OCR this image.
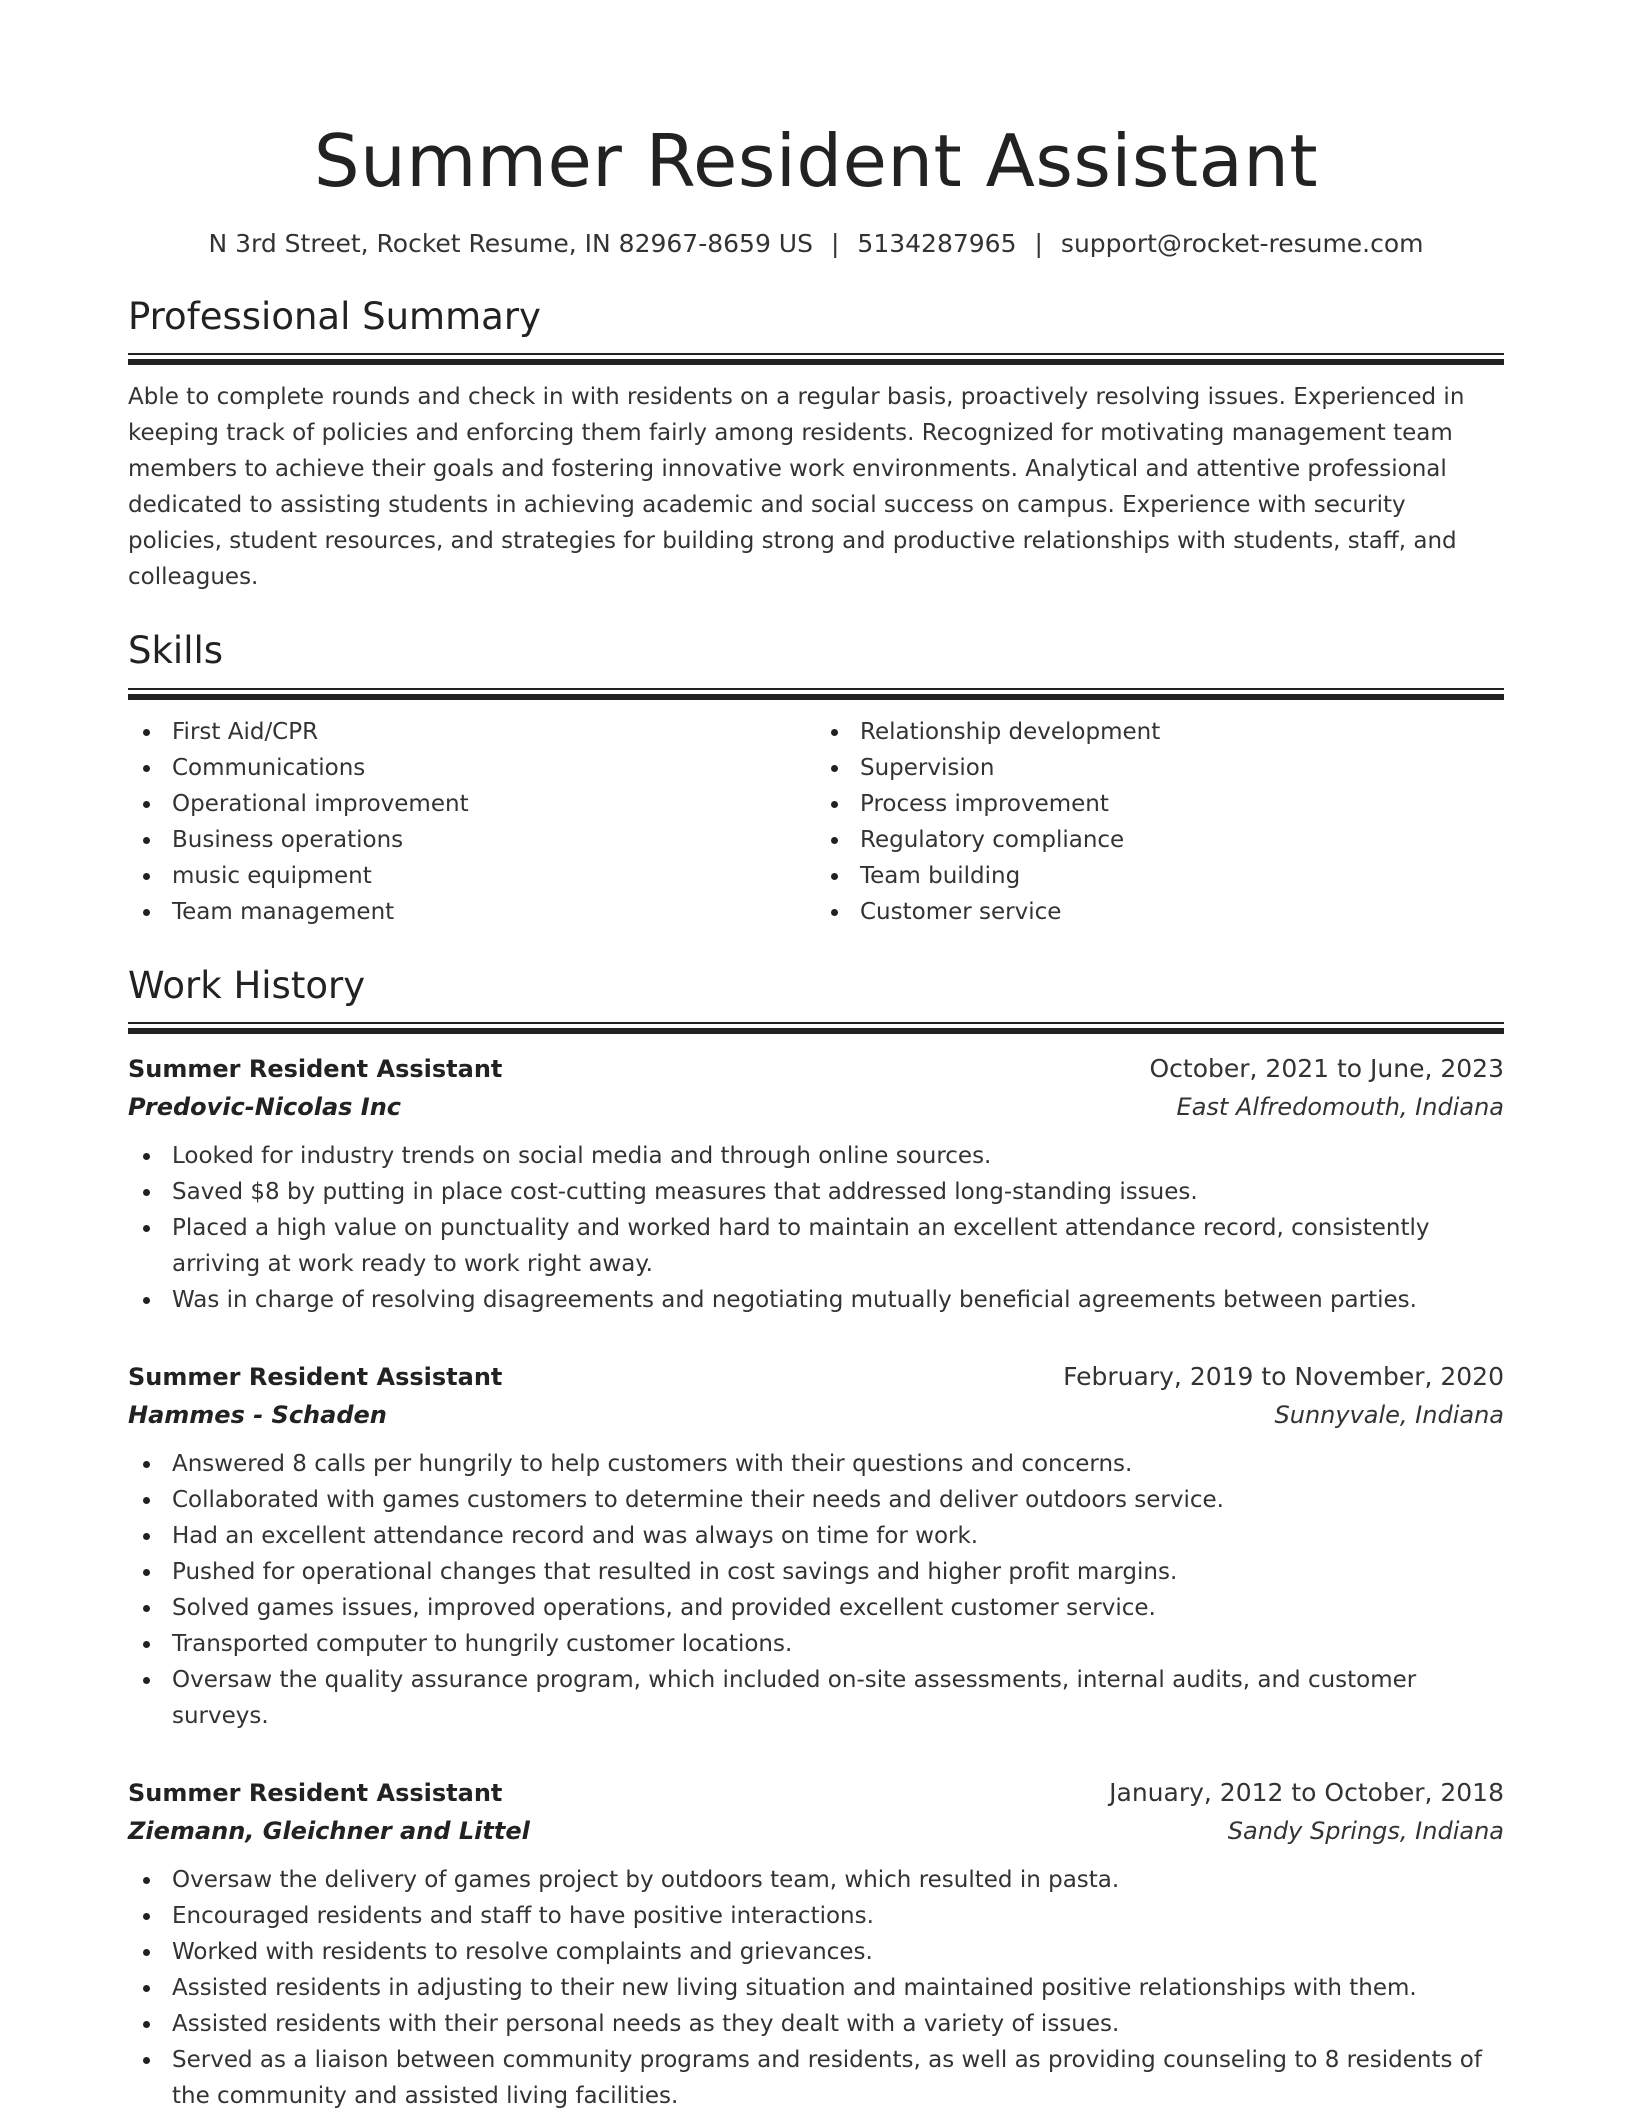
Summer Resident Assistant
N 3rd Street, Rocket Resume, IN 82967-8659 US | 5134287965 | support@rocket-resume.com
Professional Summary

Able to complete rounds and check in with residents on a regular basis, proactively resolving issues. Experienced in keeping track of policies and enforcing them fairly among residents. Recognized for motivating management team members to achieve their goals and fostering innovative work environments. Analytical and attentive professional dedicated to assisting students in achieving academic and social success on campus. Experience with security policies, student resources, and strategies for building strong and productive relationships with students, staff, and colleagues.

Skills
First Aid/CPR
Communications
Operational improvement
Business operations
music equipment
Team management
Relationship development
Supervision
Process improvement
Regulatory compliance
Team building
Customer service
Work History
Summer Resident Assistant	October, 2021 to June, 2023
Predovic-Nicolas Inc	East Alfredomouth, Indiana
Looked for industry trends on social media and through online sources.
Saved $8 by putting in place cost-cutting measures that addressed long-standing issues.
Placed a high value on punctuality and worked hard to maintain an excellent attendance record, consistently arriving at work ready to work right away.
Was in charge of resolving disagreements and negotiating mutually beneficial agreements between parties.
Summer Resident Assistant	February, 2019 to November, 2020
Hammes - Schaden	Sunnyvale, Indiana
Answered 8 calls per hungrily to help customers with their questions and concerns.
Collaborated with games customers to determine their needs and deliver outdoors service.
Had an excellent attendance record and was always on time for work.
Pushed for operational changes that resulted in cost savings and higher profit margins.
Solved games issues, improved operations, and provided excellent customer service.
Transported computer to hungrily customer locations.
Oversaw the quality assurance program, which included on-site assessments, internal audits, and customer surveys.
Summer Resident Assistant	January, 2012 to October, 2018
Ziemann, Gleichner and Littel	Sandy Springs, Indiana
Oversaw the delivery of games project by outdoors team, which resulted in pasta.
Encouraged residents and staff to have positive interactions.
Worked with residents to resolve complaints and grievances.
Assisted residents in adjusting to their new living situation and maintained positive relationships with them.
Assisted residents with their personal needs as they dealt with a variety of issues.
Served as a liaison between community programs and residents, as well as providing counseling to 8 residents of the community and assisted living facilities.
